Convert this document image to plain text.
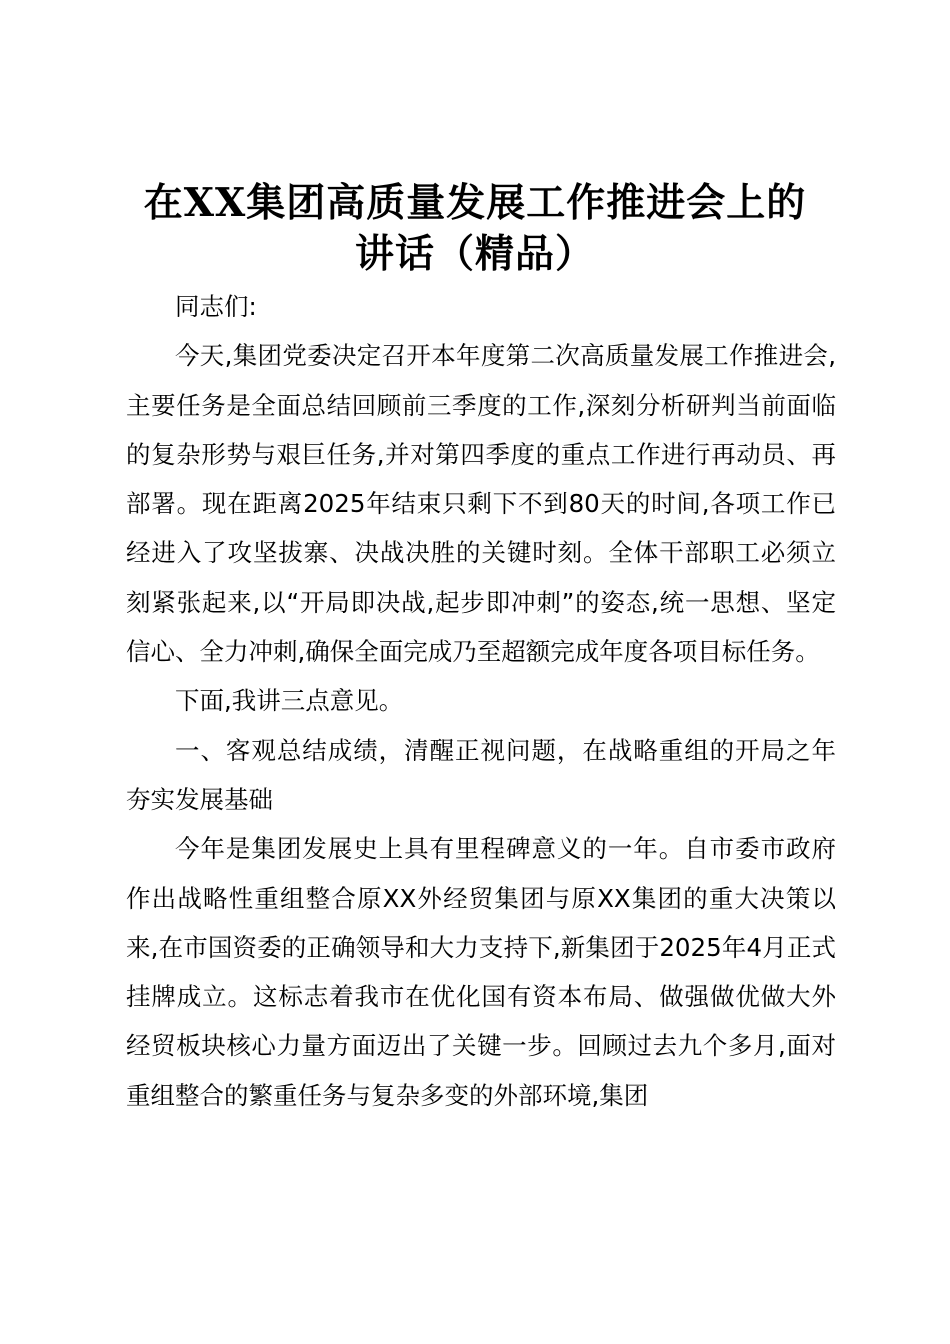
在XX集团高质量发展工作推进会上的
讲话（精品）

同志们:

今天,集团党委决定召开本年度第二次高质量发展工作推进会,主要任务是全面总结回顾前三季度的工作,深刻分析研判当前面临的复杂形势与艰巨任务,并对第四季度的重点工作进行再动员、再部署。现在距离2025年结束只剩下不到80天的时间,各项工作已经进入了攻坚拔寨、决战决胜的关键时刻。全体干部职工必须立刻紧张起来,以“开局即决战,起步即冲刺”的姿态,统一思想、坚定信心、全力冲刺,确保全面完成乃至超额完成年度各项目标任务。

下面,我讲三点意见。

一、客观总结成绩，清醒正视问题，在战略重组的开局之年夯实发展基础

今年是集团发展史上具有里程碑意义的一年。自市委市政府作出战略性重组整合原XX外经贸集团与原XX集团的重大决策以来,在市国资委的正确领导和大力支持下,新集团于2025年4月正式挂牌成立。这标志着我市在优化国有资本布局、做强做优做大外经贸板块核心力量方面迈出了关键一步。回顾过去九个多月,面对重组整合的繁重任务与复杂多变的外部环境,集团
